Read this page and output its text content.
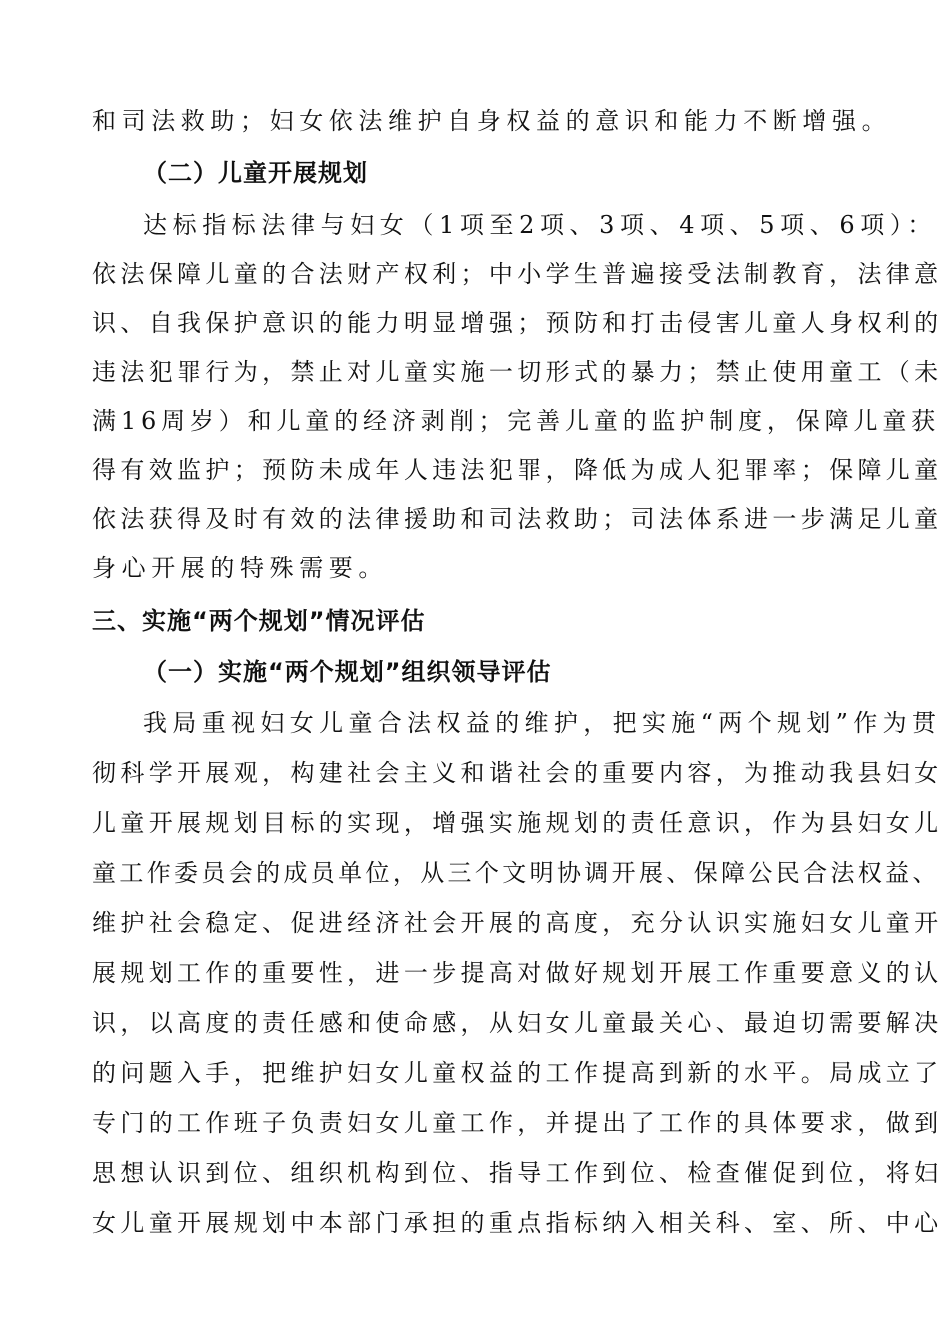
和司法救助；妇女依法维护自身权益的意识和能力不断增强。

（二）儿童开展规划

达标指标法律与妇女（1项至2项、3项、4项、5项、6项）：

依法保障儿童的合法财产权利；中小学生普遍接受法制教育，法律意

识、自我保护意识的能力明显增强；预防和打击侵害儿童人身权利的

违法犯罪行为，禁止对儿童实施一切形式的暴力；禁止使用童工（未

满16周岁）和儿童的经济剥削；完善儿童的监护制度，保障儿童获

得有效监护；预防未成年人违法犯罪，降低为成人犯罪率；保障儿童

依法获得及时有效的法律援助和司法救助；司法体系进一步满足儿童

身心开展的特殊需要。

三、实施“两个规划”情况评估

（一）实施“两个规划”组织领导评估

我局重视妇女儿童合法权益的维护，把实施“两个规划”作为贯

彻科学开展观，构建社会主义和谐社会的重要内容，为推动我县妇女

儿童开展规划目标的实现，增强实施规划的责任意识，作为县妇女儿

童工作委员会的成员单位，从三个文明协调开展、保障公民合法权益、

维护社会稳定、促进经济社会开展的高度，充分认识实施妇女儿童开

展规划工作的重要性，进一步提高对做好规划开展工作重要意义的认

识，以高度的责任感和使命感，从妇女儿童最关心、最迫切需要解决

的问题入手，把维护妇女儿童权益的工作提高到新的水平。局成立了

专门的工作班子负责妇女儿童工作，并提出了工作的具体要求，做到

思想认识到位、组织机构到位、指导工作到位、检查催促到位，将妇

女儿童开展规划中本部门承担的重点指标纳入相关科、室、所、中心
